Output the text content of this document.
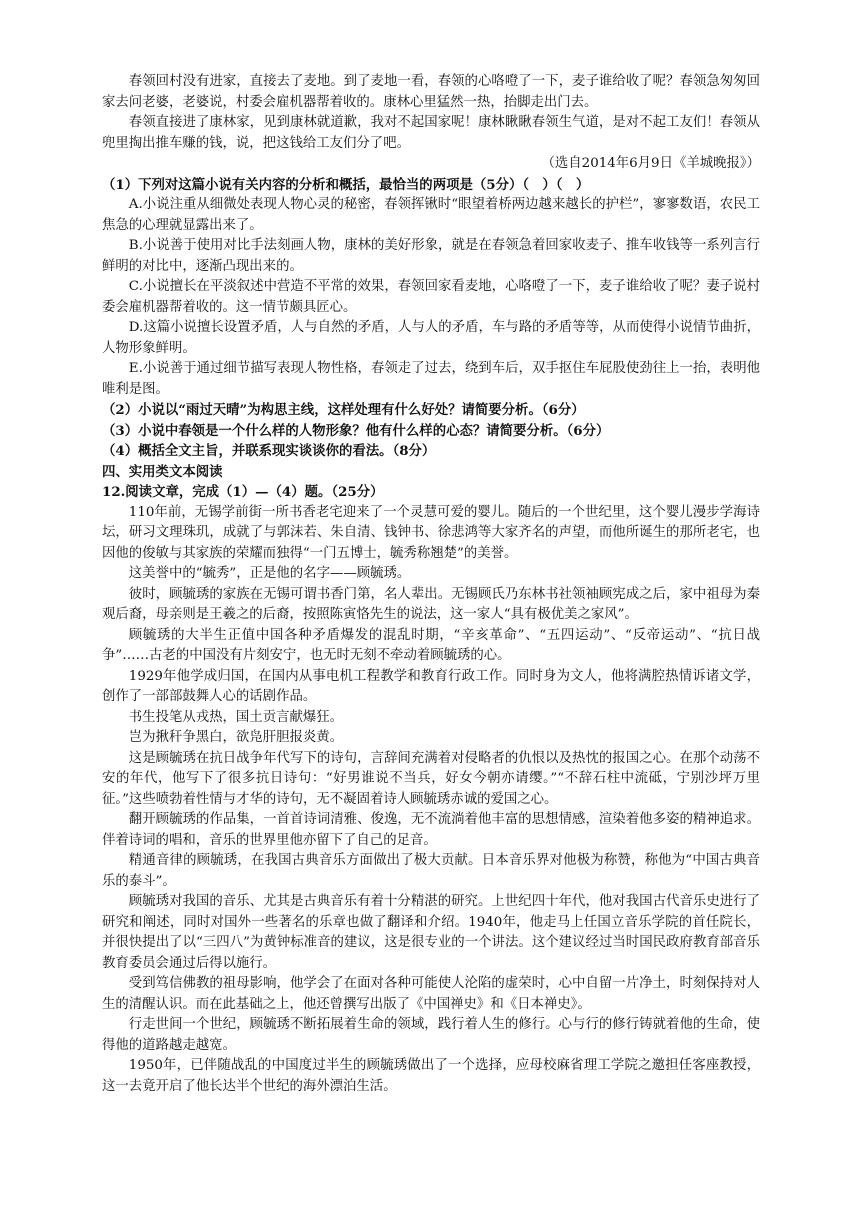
春领回村没有进家，直接去了麦地。到了麦地一看，春领的心咯噔了一下，麦子谁给收了呢？春领急匆匆回家去问老婆，老婆说，村委会雇机器帮着收的。康林心里猛然一热，抬脚走出门去。

春领直接进了康林家，见到康林就道歉，我对不起国家呢！康林瞅瞅春领生气道，是对不起工友们！春领从兜里掏出推车赚的钱，说，把这钱给工友们分了吧。

（选自2014年6月9日《羊城晚报》）

（1）下列对这篇小说有关内容的分析和概括，最恰当的两项是（5分）（　）（　）

A.小说注重从细微处表现人物心灵的秘密，春领挥锹时“眼望着桥两边越来越长的护栏”，寥寥数语，农民工焦急的心理就显露出来了。

B.小说善于使用对比手法刻画人物，康林的美好形象，就是在春领急着回家收麦子、推车收钱等一系列言行鲜明的对比中，逐渐凸现出来的。

C.小说擅长在平淡叙述中营造不平常的效果，春领回家看麦地，心咯噔了一下，麦子谁给收了呢？妻子说村委会雇机器帮着收的。这一情节颇具匠心。

D.这篇小说擅长设置矛盾，人与自然的矛盾，人与人的矛盾，车与路的矛盾等等，从而使得小说情节曲折，人物形象鲜明。

E.小说善于通过细节描写表现人物性格，春领走了过去，绕到车后，双手抠住车屁股使劲往上一抬，表明他唯利是图。

（2）小说以“雨过天晴”为构思主线，这样处理有什么好处？请简要分析。（6分）

（3）小说中春领是一个什么样的人物形象？他有什么样的心态？请简要分析。（6分）

（4）概括全文主旨，并联系现实谈谈你的看法。（8分）

四、实用类文本阅读

12.阅读文章，完成（1）—（4）题。（25分）

110年前，无锡学前街一所书香老宅迎来了一个灵慧可爱的婴儿。随后的一个世纪里，这个婴儿漫步学海诗坛，研习文理珠玑，成就了与郭沫若、朱自清、钱钟书、徐悲鸿等大家齐名的声望，而他所诞生的那所老宅，也因他的俊敏与其家族的荣耀而独得“一门五博士，毓秀称翘楚”的美誉。

这美誉中的“毓秀”，正是他的名字——顾毓琇。

彼时，顾毓琇的家族在无锡可谓书香门第，名人辈出。无锡顾氏乃东林书社领袖顾宪成之后，家中祖母为秦观后裔，母亲则是王羲之的后裔，按照陈寅恪先生的说法，这一家人“具有极优美之家风”。

顾毓琇的大半生正值中国各种矛盾爆发的混乱时期，“辛亥革命”、“五四运动”、“反帝运动”、“抗日战争”……古老的中国没有片刻安宁，也无时无刻不牵动着顾毓琇的心。

1929年他学成归国，在国内从事电机工程教学和教育行政工作。同时身为文人，他将满腔热情诉诸文学，创作了一部部鼓舞人心的话剧作品。

书生投笔从戎热，国土贡言献爆狂。

岂为揪秆争黑白，欲凫肝胆报炎黄。

这是顾毓琇在抗日战争年代写下的诗句，言辞间充满着对侵略者的仇恨以及热忱的报国之心。在那个动荡不安的年代，他写下了很多抗日诗句：“好男谁说不当兵，好女今朝亦请缨。”“不辞石柱中流砥，宁别沙坪万里征。”这些喷勃着性情与才华的诗句，无不凝固着诗人顾毓琇赤诚的爱国之心。

翻开顾毓琇的作品集，一首首诗词清雅、俊逸，无不流淌着他丰富的思想情感，渲染着他多姿的精神追求。伴着诗词的唱和，音乐的世界里他亦留下了自己的足音。

精通音律的顾毓琇，在我国古典音乐方面做出了极大贡献。日本音乐界对他极为称赞，称他为“中国古典音乐的泰斗”。

顾毓琇对我国的音乐、尤其是古典音乐有着十分精湛的研究。上世纪四十年代，他对我国古代音乐史进行了研究和阐述，同时对国外一些著名的乐章也做了翻译和介绍。1940年，他走马上任国立音乐学院的首任院长，并很快提出了以“三四八”为黄钟标准音的建议，这是很专业的一个讲法。这个建议经过当时国民政府教育部音乐教育委员会通过后得以施行。

受到笃信佛教的祖母影响，他学会了在面对各种可能使人沦陷的虚荣时，心中自留一片净土，时刻保持对人生的清醒认识。而在此基础之上，他还曾撰写出版了《中国禅史》和《日本禅史》。

行走世间一个世纪，顾毓琇不断拓展着生命的领域，践行着人生的修行。心与行的修行铸就着他的生命，使得他的道路越走越宽。

1950年，已伴随战乱的中国度过半生的顾毓琇做出了一个选择，应母校麻省理工学院之邀担任客座教授，这一去竟开启了他长达半个世纪的海外漂泊生活。
